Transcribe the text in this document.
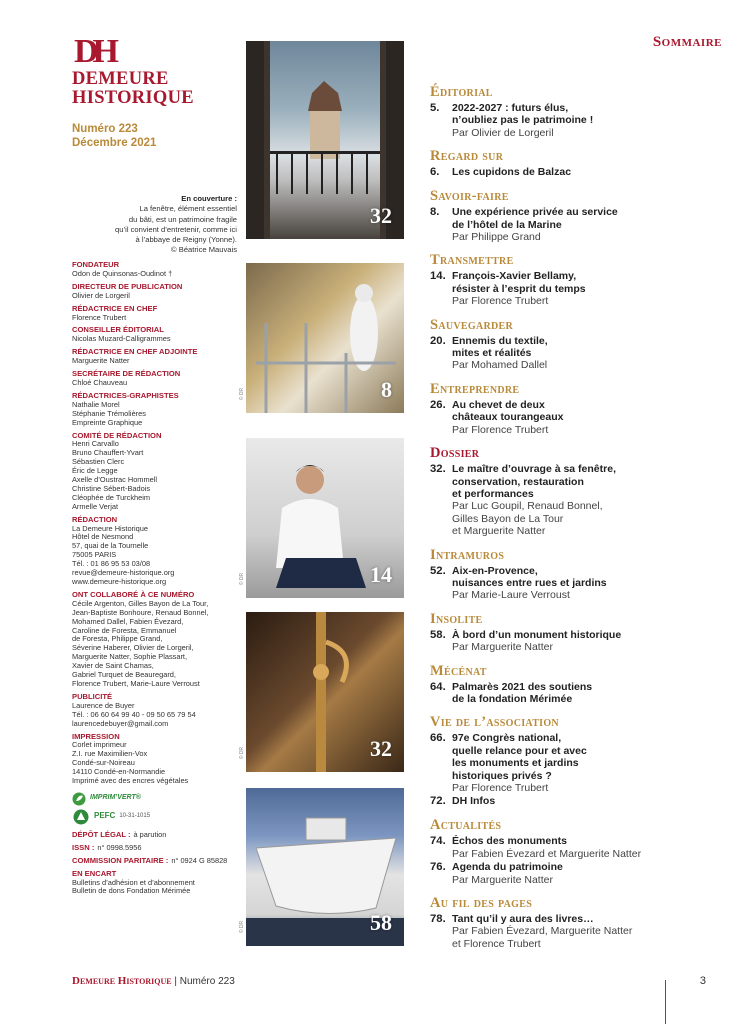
Sommaire
DH
DEMEURE
HISTORIQUE
Numéro 223
Décembre 2021
En couverture :
La fenêtre, élément essentiel
du bâti, est un patrimoine fragile
qu’il convient d’entretenir, comme ici
à l’abbaye de Reigny (Yonne).
© Béatrice Mauvais
FONDATEUR
Odon de Quinsonas-Oudinot †
DIRECTEUR DE PUBLICATION
Olivier de Lorgeril
RÉDACTRICE EN CHEF
Florence Trubert
CONSEILLER ÉDITORIAL
Nicolas Muzard-Calligrammes
RÉDACTRICE EN CHEF ADJOINTE
Marguerite Natter
SECRÉTAIRE DE RÉDACTION
Chloé Chauveau
RÉDACTRICES-GRAPHISTES
Nathalie Morel
Stéphanie Trémolières
Empreinte Graphique
COMITÉ DE RÉDACTION
Henri Carvallo
Bruno Chauffert-Yvart
Sébastien Clerc
Éric de Legge
Axelle d’Oustrac Hommell
Christine Sébert-Badois
Cléophée de Turckheim
Armelle Verjat
RÉDACTION
La Demeure Historique
Hôtel de Nesmond
57, quai de la Tournelle
75005 PARIS
Tél. : 01 86 95 53 03/08
revue@demeure-historique.org
www.demeure-historique.org
ONT COLLABORÉ À CE NUMÉRO
Cécile Argenton, Gilles Bayon de La Tour,
Jean-Baptiste Bonhoure, Renaud Bonnel,
Mohamed Dallel, Fabien Évezard,
Caroline de Foresta, Emmanuel
de Foresta, Philippe Grand,
Séverine Haberer, Olivier de Lorgeril,
Marguerite Natter, Sophie Plassart,
Xavier de Saint Chamas,
Gabriel Turquet de Beauregard,
Florence Trubert, Marie-Laure Verroust
PUBLICITÉ
Laurence de Buyer
Tél. : 06 60 64 99 40 - 09 50 65 79 54
laurencedebuyer@gmail.com
IMPRESSION
Corlet imprimeur
Z.I. rue Maximilien-Vox
Condé-sur-Noireau
14110 Condé-en-Normandie
Imprimé avec des encres végétales
IMPRIM’VERT®
PEFC 10-31-1015
DÉPÔT LÉGAL : à parution
ISSN : n° 0998.5956
COMMISSION PARITAIRE : n° 0924 G 85828
EN ENCART
Bulletins d’adhésion et d’abonnement
Bulletin de dons Fondation Mérimée
32
8
© DR
14
© DR
32
© DR
58
© DR
Éditorial
5.	2022-2027 : futurs élus,
n’oubliez pas le patrimoine !
Par Olivier de Lorgeril
Regard sur
6.	Les cupidons de Balzac
Savoir-faire
8.	Une expérience privée au service
de l’hôtel de la Marine
Par Philippe Grand
Transmettre
14. François-Xavier Bellamy,
résister à l’esprit du temps
Par Florence Trubert
Sauvegarder
20. Ennemis du textile,
mites et réalités
Par Mohamed Dallel
Entreprendre
26. Au chevet de deux
châteaux tourangeaux
Par Florence Trubert
Dossier
32. Le maître d’ouvrage à sa fenêtre,
conservation, restauration
et performances
Par Luc Goupil, Renaud Bonnel,
Gilles Bayon de La Tour
et Marguerite Natter
Intramuros
52. Aix-en-Provence,
nuisances entre rues et jardins
Par Marie-Laure Verroust
Insolite
58. À bord d’un monument historique
Par Marguerite Natter
Mécénat
64. Palmarès 2021 des soutiens
de la fondation Mérimée
Vie de l’association
66. 97e Congrès national,
quelle relance pour et avec
les monuments et jardins
historiques privés ?
Par Florence Trubert
72. DH Infos
Actualités
74. Échos des monuments
Par Fabien Évezard et Marguerite Natter
76. Agenda du patrimoine
Par Marguerite Natter
Au fil des pages
78. Tant qu’il y aura des livres…
Par Fabien Évezard, Marguerite Natter
et Florence Trubert
Demeure Historique | Numéro 223	3
